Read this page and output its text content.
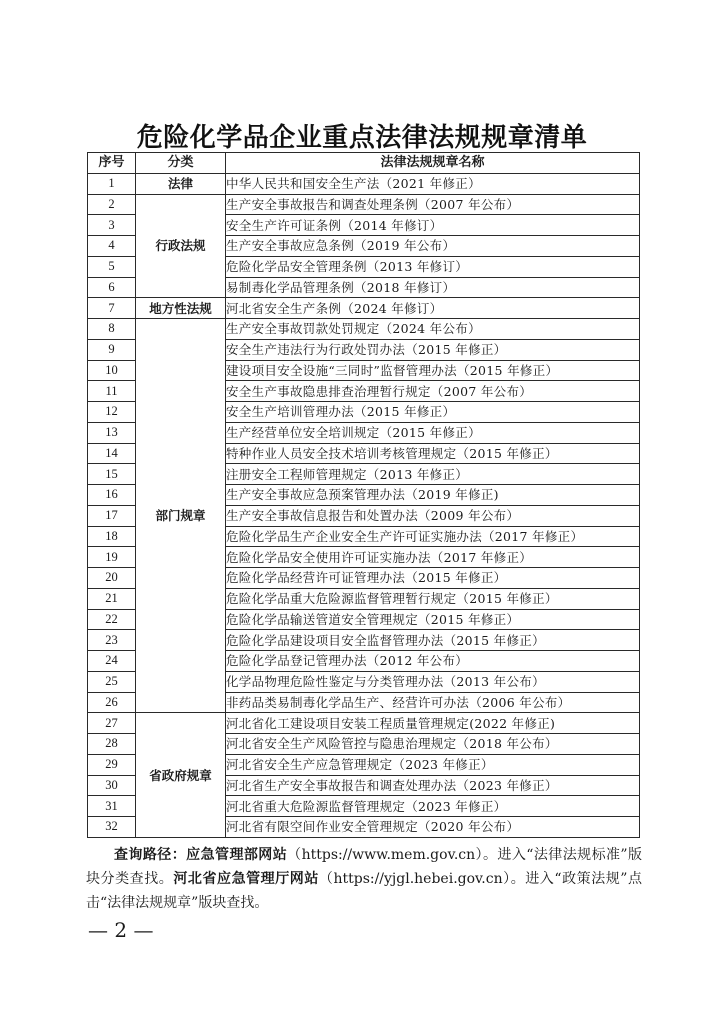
危险化学品企业重点法律法规规章清单
序号	分类	法律法规规章名称
1	法律	中华人民共和国安全生产法（2021 年修正）
2	行政法规	生产安全事故报告和调查处理条例（2007 年公布）
3		安全生产许可证条例（2014 年修订）
4		生产安全事故应急条例（2019 年公布）
5		危险化学品安全管理条例（2013 年修订）
6		易制毒化学品管理条例（2018 年修订）
7	地方性法规	河北省安全生产条例（2024 年修订）
8	部门规章	生产安全事故罚款处罚规定（2024 年公布）
9		安全生产违法行为行政处罚办法（2015 年修正）
10		建设项目安全设施“三同时”监督管理办法（2015 年修正）
11		安全生产事故隐患排查治理暂行规定（2007 年公布）
12		安全生产培训管理办法（2015 年修正）
13		生产经营单位安全培训规定（2015 年修正）
14		特种作业人员安全技术培训考核管理规定（2015 年修正）
15		注册安全工程师管理规定（2013 年修正）
16		生产安全事故应急预案管理办法（2019 年修正)
17		生产安全事故信息报告和处置办法（2009 年公布）
18		危险化学品生产企业安全生产许可证实施办法（2017 年修正）
19		危险化学品安全使用许可证实施办法（2017 年修正）
20		危险化学品经营许可证管理办法（2015 年修正）
21		危险化学品重大危险源监督管理暂行规定（2015 年修正）
22		危险化学品输送管道安全管理规定（2015 年修正）
23		危险化学品建设项目安全监督管理办法（2015 年修正）
24		危险化学品登记管理办法（2012 年公布）
25		化学品物理危险性鉴定与分类管理办法（2013 年公布）
26		非药品类易制毒化学品生产、经营许可办法（2006 年公布）
27	省政府规章	河北省化工建设项目安装工程质量管理规定(2022 年修正)
28		河北省安全生产风险管控与隐患治理规定（2018 年公布）
29		河北省安全生产应急管理规定（2023 年修正）
30		河北省生产安全事故报告和调查处理办法（2023 年修正）
31		河北省重大危险源监督管理规定（2023 年修正）
32		河北省有限空间作业安全管理规定（2020 年公布）
查询路径：应急管理部网站（https://www.mem.gov.cn）。进入“法律法规标准”版块分类查找。河北省应急管理厅网站（https://yjgl.hebei.gov.cn）。进入“政策法规”点击“法律法规规章”版块查找。
— 2 —
